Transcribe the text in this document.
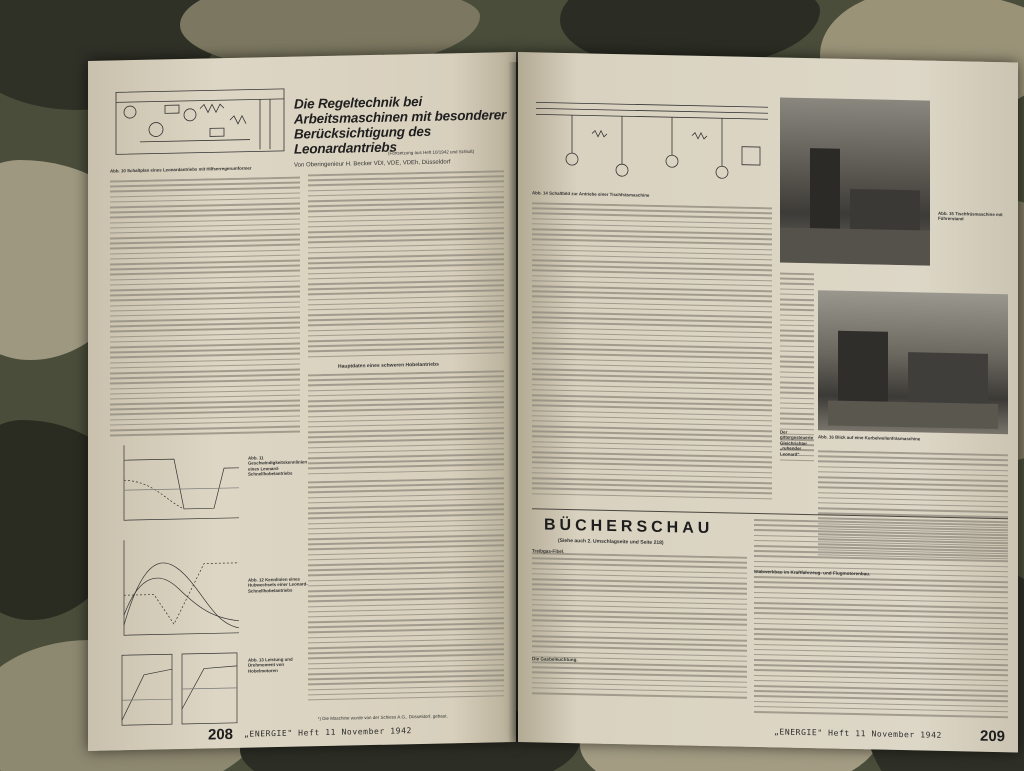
Abb. 10 Schaltplan eines Leonardantriebs mit Hilfserregerumformer
Die Regeltechnik bei Arbeitsmaschinen mit besonderer Berücksichtigung des Leonardantriebs
(Fortsetzung aus Heft 10/1942 und Schluß)
Von Oberingenieur H. Becker VDI, VDE, VDEh, Düsseldorf
Hauptdaten eines schweren Hobelantriebs
Abb. 11 Geschwindigkeitskennlinien eines Leonard-Schnellhobelantriebs
Abb. 12 Kennlinien eines Hubwechsels einer Leonard-Schnellhobelantriebs
Abb. 13 Leistung und Drehmoment von Hobelmotoren
¹) Die Maschine wurde von der Schiess A.G., Düsseldorf, gebaut.
208 „ENERGIE" Heft 11 November 1942
Abb. 14 Schaltbild zur Antriebe einer Tischfräsmaschine
Abb. 15 Tischfräsmaschine mit Führerstand
Abb. 16 Blick auf eine Kurbelwellenfräsmaschine
Der gittergesteuerte Gleichrichter „ruhender Leonard"
BÜCHERSCHAU
(Siehe auch 2. Umschlagseite und Seite 218)
Treibgas-Fibel.
Die Gasbeleuchtung.
Stabwerkbau im Kraftfahrzeug- und Flugmotorenbau.
„ENERGIE" Heft 11 November 1942	209
